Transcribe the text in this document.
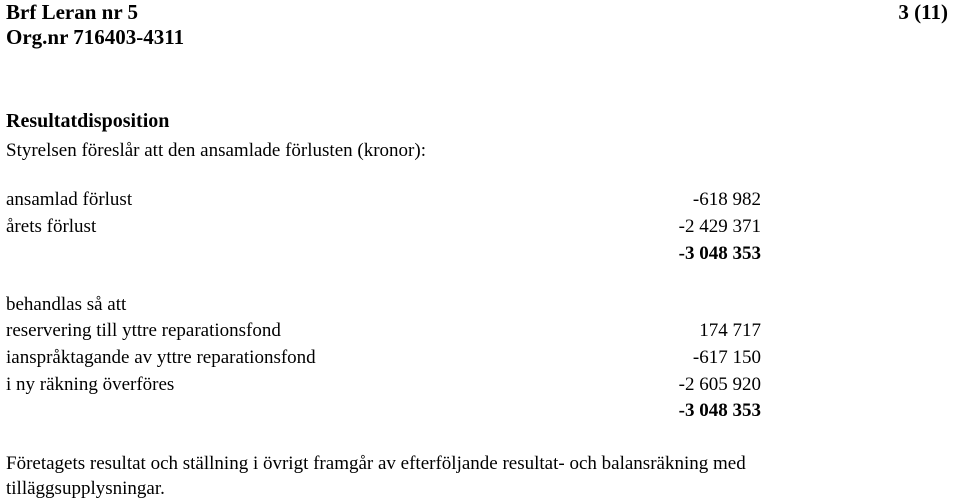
Brf Leran nr 5
Org.nr 716403-4311
3 (11)
Resultatdisposition
Styrelsen föreslår att den ansamlade förlusten (kronor):
ansamlad förlust	-618 982
årets förlust	-2 429 371
-3 048 353
behandlas så att
reservering till yttre reparationsfond	174 717
ianspråktagande av yttre reparationsfond	-617 150
i ny räkning överföres	-2 605 920
-3 048 353
Företagets resultat och ställning i övrigt framgår av efterföljande resultat- och balansräkning med
tilläggsupplysningar.
